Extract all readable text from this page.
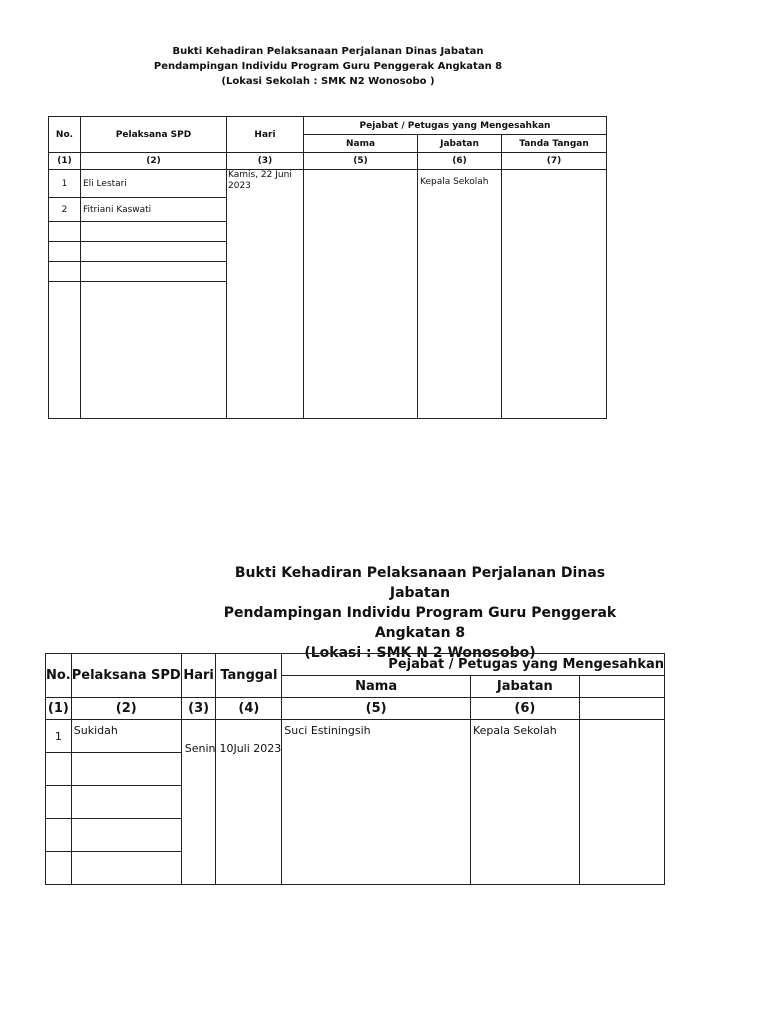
Bukti Kehadiran Pelaksanaan Perjalanan Dinas Jabatan
Pendampingan Individu Program Guru Penggerak Angkatan 8
(Lokasi Sekolah : SMK N2 Wonosobo )
No.	Pelaksana SPD	Hari	Pejabat / Petugas yang Mengesahkan		
			Nama	Jabatan	Tanda Tangan
(1)	(2)	(3)	(5)	(6)	(7)
1	Eli Lestari	Kamis, 22 Juni 2023		Kepala Sekolah	
2	Fitriani Kaswati				

Bukti Kehadiran Pelaksanaan Perjalanan Dinas Jabatan
Pendampingan Individu Program Guru Penggerak Angkatan 8
(Lokasi : SMK N 2 Wonosobo)
No.	Pelaksana SPD	Hari	Tanggal	Pejabat / Petugas yang Mengesahkan		
				Nama	Jabatan	
(1)	(2)	(3)	(4)	(5)	(6)	
1	Sukidah	Senin	10Juli 2023	Suci Estiningsih	Kepala Sekolah	
